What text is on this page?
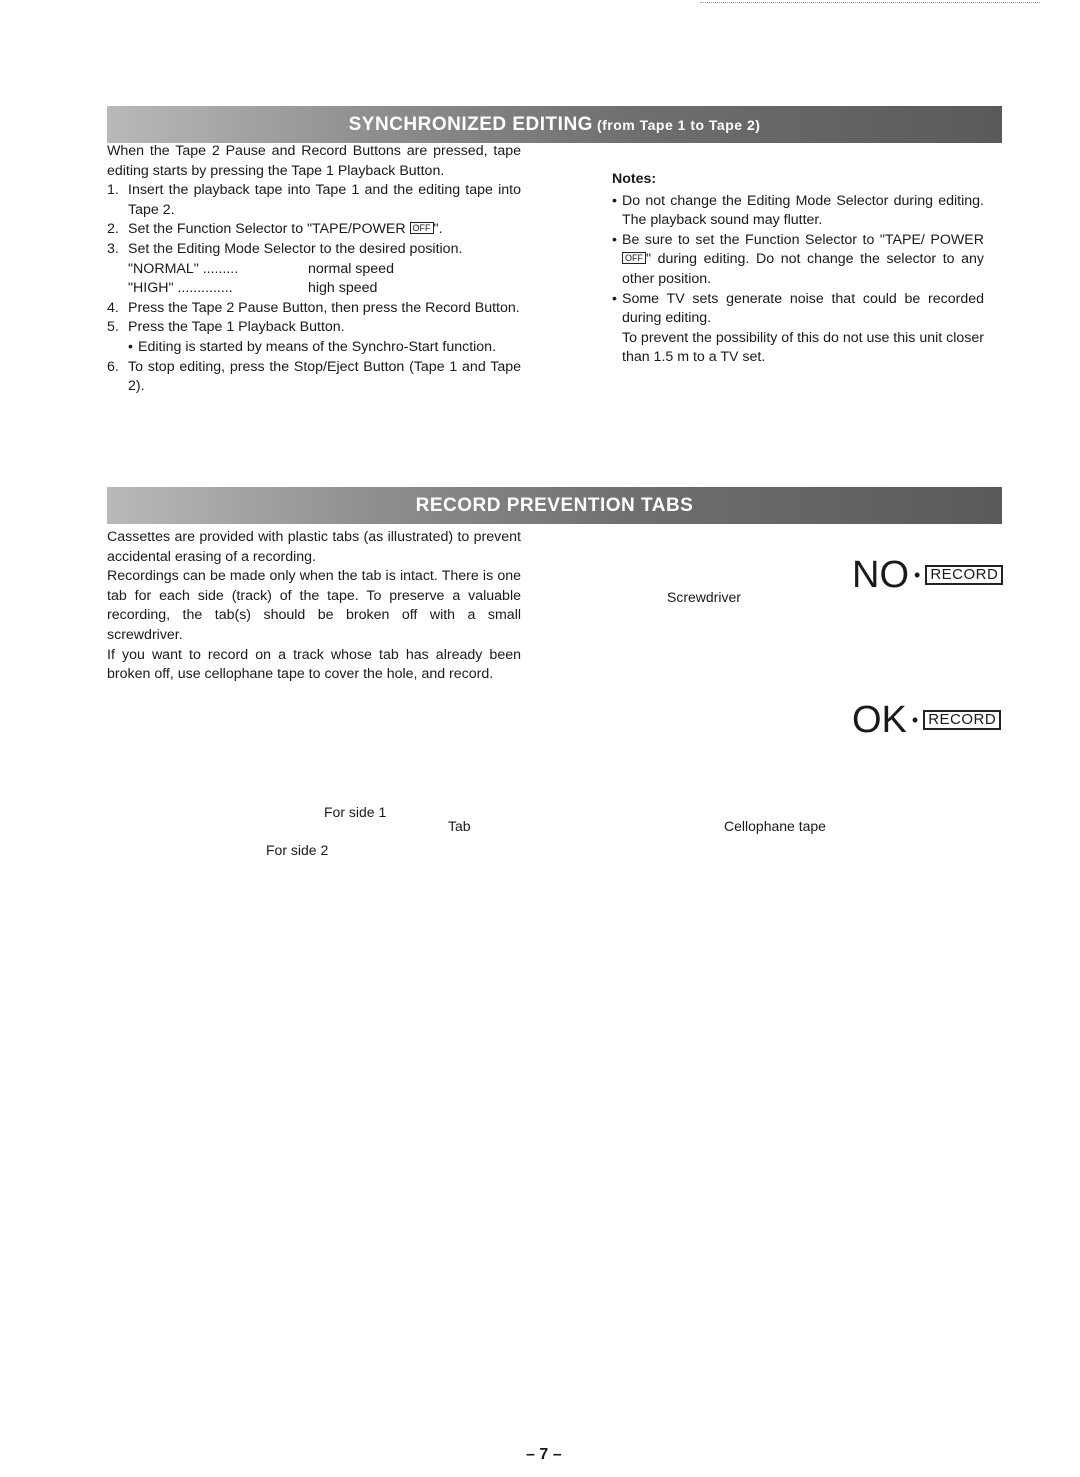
SYNCHRONIZED EDITING (from Tape 1 to Tape 2)

When the Tape 2 Pause and Record Buttons are pressed, tape editing starts by pressing the Tape 1 Playback Button.

1. Insert the playback tape into Tape 1 and the editing tape into Tape 2.
2. Set the Function Selector to "TAPE/POWER OFF ".
3. Set the Editing Mode Selector to the desired position.
"NORMAL" .........	normal speed
"HIGH" ..............	high speed
4. Press the Tape 2 Pause Button, then press the Record Button.
5. Press the Tape 1 Playback Button.
• Editing is started by means of the Synchro-Start function.
6. To stop editing, press the Stop/Eject Button (Tape 1 and Tape 2).
Notes:
• Do not change the Editing Mode Selector during editing. The playback sound may flutter.
• Be sure to set the Function Selector to "TAPE/ POWER OFF " during editing. Do not change the selector to any other position.
• Some TV sets generate noise that could be recorded during editing.

To prevent the possibility of this do not use this unit closer than 1.5 m to a TV set.

RECORD PREVENTION TABS

Cassettes are provided with plastic tabs (as illustrated) to prevent accidental erasing of a recording.

Recordings can be made only when the tab is intact. There is one tab for each side (track) of the tape. To preserve a valuable recording, the tab(s) should be broken off with a small screwdriver.

If you want to record on a track whose tab has already been broken off, use cellophane tape to cover the hole, and record.

For side 1
Tab
For side 2
NO • RECORD
Screwdriver
OK • RECORD
Cellophane tape
– 7 –
